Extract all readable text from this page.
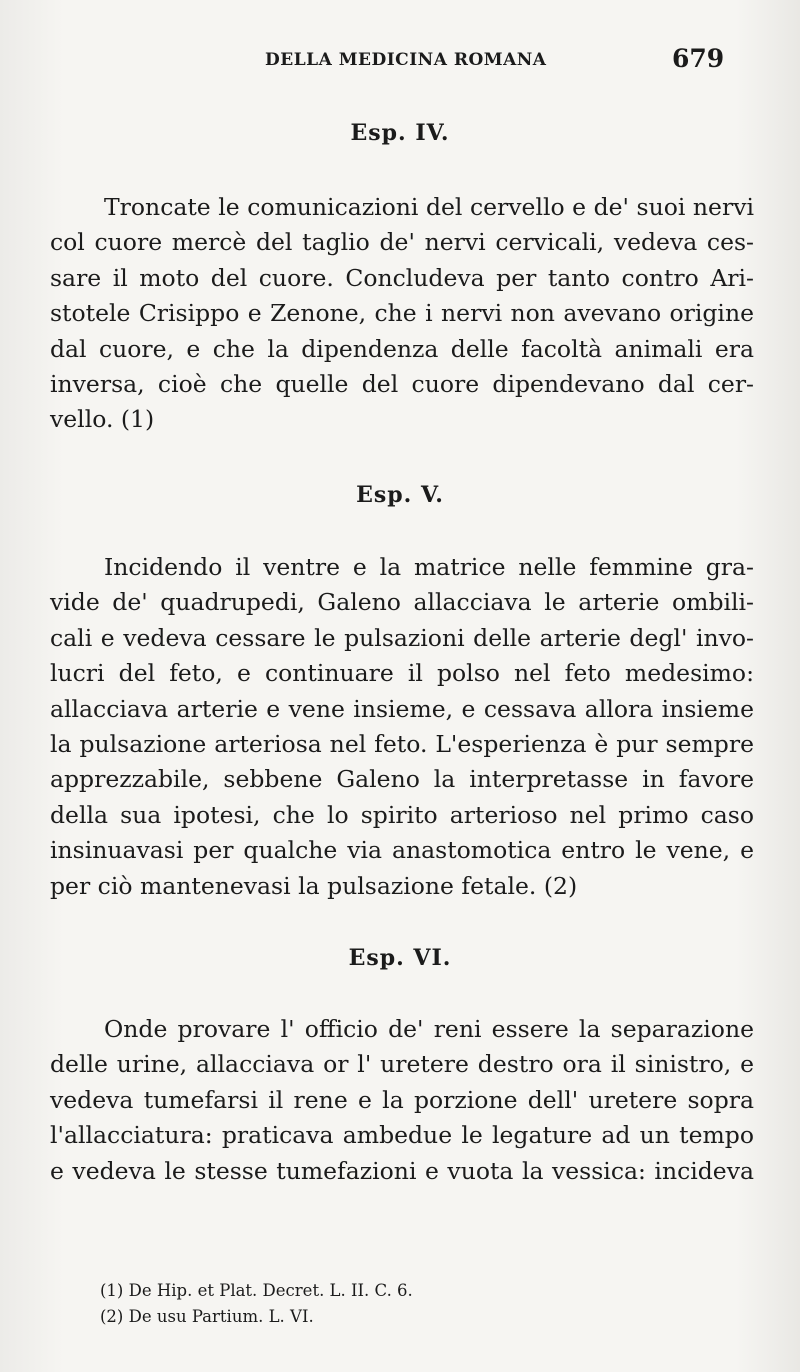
DELLA MEDICINA ROMANA	679
Esp. IV.
Troncate le comunicazioni del cervello e de' suoi nervi
col cuore mercè del taglio de' nervi cervicali, vedeva ces-
sare il moto del cuore. Concludeva per tanto contro Ari-
stotele Crisippo e Zenone, che i nervi non avevano origine
dal cuore, e che la dipendenza delle facoltà animali era
inversa, cioè che quelle del cuore dipendevano dal cer-
vello. (1)
Esp. V.
Incidendo il ventre e la matrice nelle femmine gra-
vide de' quadrupedi, Galeno allacciava le arterie ombili-
cali e vedeva cessare le pulsazioni delle arterie degl' invo-
lucri del feto, e continuare il polso nel feto medesimo:
allacciava arterie e vene insieme, e cessava allora insieme
la pulsazione arteriosa nel feto. L'esperienza è pur sempre
apprezzabile, sebbene Galeno la interpretasse in favore
della sua ipotesi, che lo spirito arterioso nel primo caso
insinuavasi per qualche via anastomotica entro le vene, e
per ciò mantenevasi la pulsazione fetale. (2)
Esp. VI.
Onde provare l' officio de' reni essere la separazione
delle urine, allacciava or l' uretere destro ora il sinistro, e
vedeva tumefarsi il rene e la porzione dell' uretere sopra
l'allacciatura: praticava ambedue le legature ad un tempo
e vedeva le stesse tumefazioni e vuota la vessica: incideva
(1) De Hip. et Plat. Decret. L. II. C. 6.
(2) De usu Partium. L. VI.
